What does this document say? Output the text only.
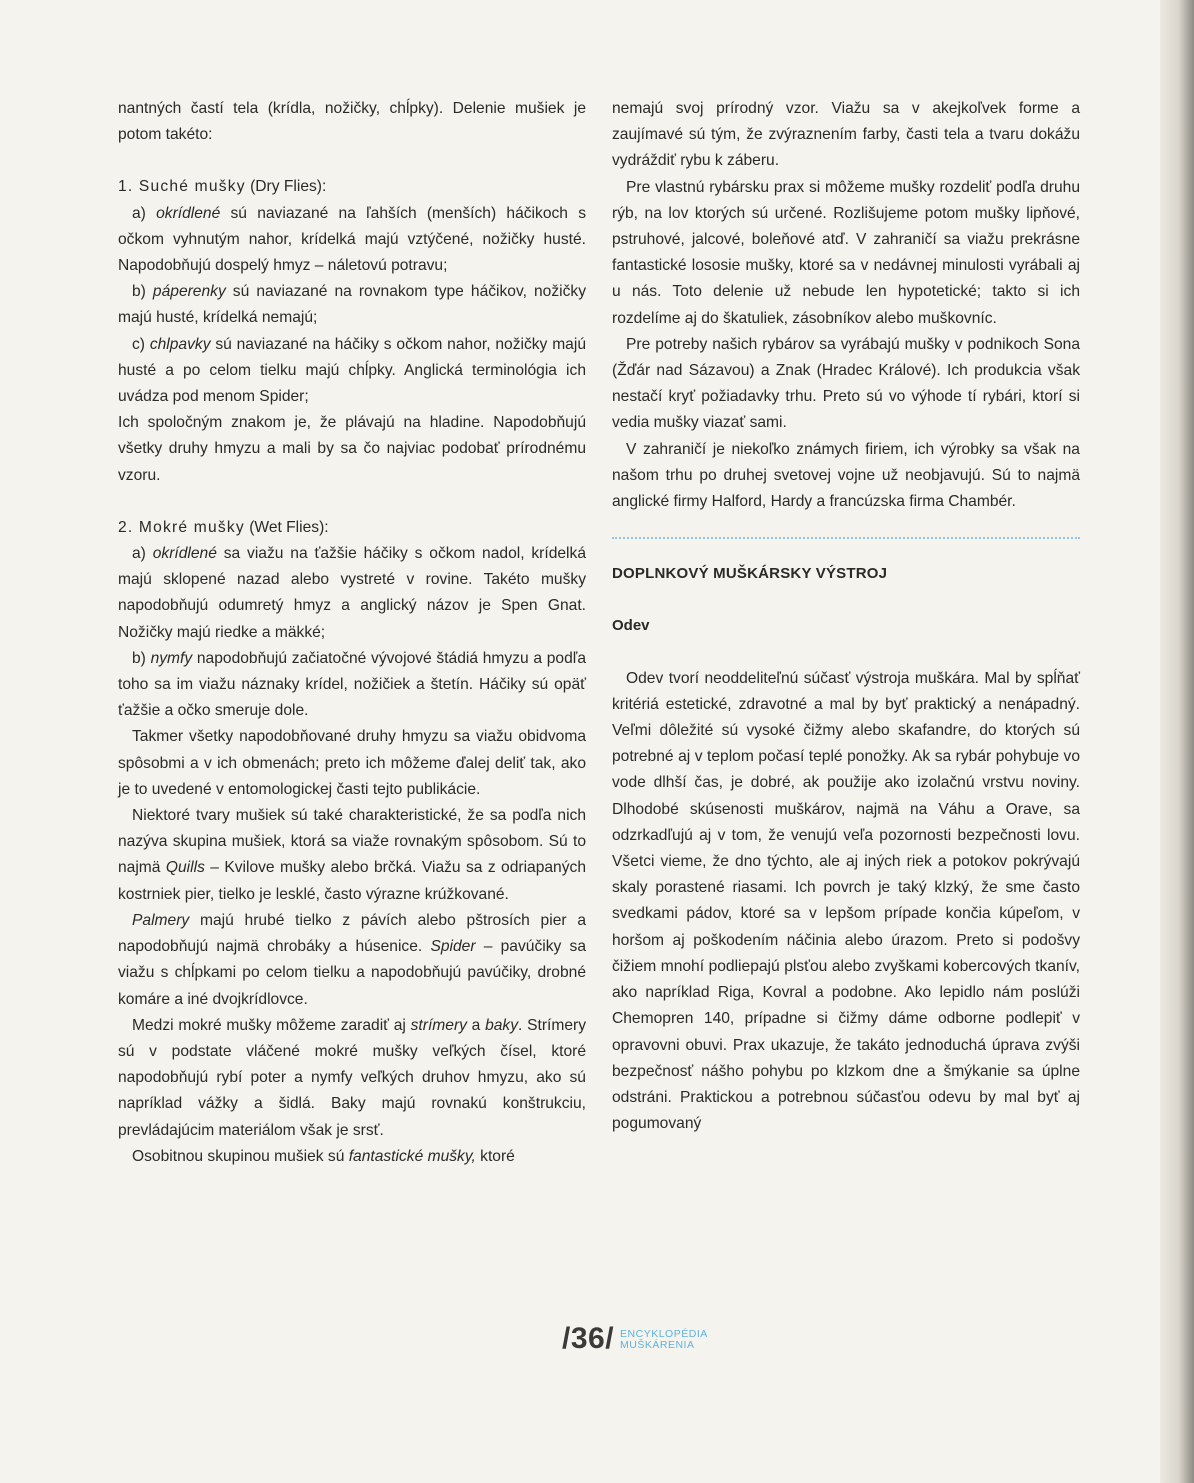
nantných častí tela (krídla, nožičky, chĺpky). Delenie mušiek je potom takéto:

1. Suché mušky (Dry Flies):

a) okrídlené sú naviazané na ľahších (menších) háčikoch s očkom vyhnutým nahor, krídelká majú vztýčené, nožičky husté. Napodobňujú dospelý hmyz – náletovú potravu;

b) páperenky sú naviazané na rovnakom type háčikov, nožičky majú husté, krídelká nemajú;

c) chlpavky sú naviazané na háčiky s očkom nahor, nožičky majú husté a po celom tielku majú chĺpky. Anglická terminológia ich uvádza pod menom Spider;

Ich spoločným znakom je, že plávajú na hladine. Napodobňujú všetky druhy hmyzu a mali by sa čo najviac podobať prírodnému vzoru.

2. Mokré mušky (Wet Flies):

a) okrídlené sa viažu na ťažšie háčiky s očkom nadol, krídelká majú sklopené nazad alebo vystreté v rovine. Takéto mušky napodobňujú odumretý hmyz a anglický názov je Spen Gnat. Nožičky majú riedke a mäkké;

b) nymfy napodobňujú začiatočné vývojové štádiá hmyzu a podľa toho sa im viažu náznaky krídel, nožičiek a štetín. Háčiky sú opäť ťažšie a očko smeruje dole.

Takmer všetky napodobňované druhy hmyzu sa viažu obidvoma spôsobmi a v ich obmenách; preto ich môžeme ďalej deliť tak, ako je to uvedené v entomologickej časti tejto publikácie.

Niektoré tvary mušiek sú také charakteristické, že sa podľa nich nazýva skupina mušiek, ktorá sa viaže rovnakým spôsobom. Sú to najmä Quills – Kvilove mušky alebo brčká. Viažu sa z odriapaných kostrniek pier, tielko je lesklé, často výrazne krúžkované.

Palmery majú hrubé tielko z pávích alebo pštrosích pier a napodobňujú najmä chrobáky a húsenice. Spider – pavúčiky sa viažu s chĺpkami po celom tielku a napodobňujú pavúčiky, drobné komáre a iné dvojkrídlovce.

Medzi mokré mušky môžeme zaradiť aj strímery a baky. Strímery sú v podstate vláčené mokré mušky veľkých čísel, ktoré napodobňujú rybí poter a nymfy veľkých druhov hmyzu, ako sú napríklad vážky a šidlá. Baky majú rovnakú konštrukciu, prevládajúcim materiálom však je srsť.

Osobitnou skupinou mušiek sú fantastické mušky, ktoré

nemajú svoj prírodný vzor. Viažu sa v akejkoľvek forme a zaujímavé sú tým, že zvýraznením farby, časti tela a tvaru dokážu vydráždiť rybu k záberu.

Pre vlastnú rybársku prax si môžeme mušky rozdeliť podľa druhu rýb, na lov ktorých sú určené. Rozlišujeme potom mušky lipňové, pstruhové, jalcové, boleňové atď. V zahraničí sa viažu prekrásne fantastické lososie mušky, ktoré sa v nedávnej minulosti vyrábali aj u nás. Toto delenie už nebude len hypotetické; takto si ich rozdelíme aj do škatuliek, zásobníkov alebo muškovníc.

Pre potreby našich rybárov sa vyrábajú mušky v podnikoch Sona (Žďár nad Sázavou) a Znak (Hradec Králové). Ich produkcia však nestačí kryť požiadavky trhu. Preto sú vo výhode tí rybári, ktorí si vedia mušky viazať sami.

V zahraničí je niekoľko známych firiem, ich výrobky sa však na našom trhu po druhej svetovej vojne už neobjavujú. Sú to najmä anglické firmy Halford, Hardy a francúzska firma Chambér.

DOPLNKOVÝ MUŠKÁRSKY VÝSTROJ

Odev

Odev tvorí neoddeliteľnú súčasť výstroja muškára. Mal by spĺňať kritériá estetické, zdravotné a mal by byť praktický a nenápadný. Veľmi dôležité sú vysoké čižmy alebo skafandre, do ktorých sú potrebné aj v teplom počasí teplé ponožky. Ak sa rybár pohybuje vo vode dlhší čas, je dobré, ak použije ako izolačnú vrstvu noviny. Dlhodobé skúsenosti muškárov, najmä na Váhu a Orave, sa odzrkadľujú aj v tom, že venujú veľa pozornosti bezpečnosti lovu. Všetci vieme, že dno týchto, ale aj iných riek a potokov pokrývajú skaly porastené riasami. Ich povrch je taký klzký, že sme často svedkami pádov, ktoré sa v lepšom prípade končia kúpeľom, v horšom aj poškodením náčinia alebo úrazom. Preto si podošvy čižiem mnohí podliepajú plsťou alebo zvyškami kobercových tkanív, ako napríklad Riga, Kovral a podobne. Ako lepidlo nám poslúži Chemopren 140, prípadne si čižmy dáme odborne podlepiť v opravovni obuvi. Prax ukazuje, že takáto jednoduchá úprava zvýši bezpečnosť nášho pohybu po klzkom dne a šmýkanie sa úplne odstráni. Praktickou a potrebnou súčasťou odevu by mal byť aj pogumovaný

/36/ ENCYKLOPÉDIA
MUŠKÁRENIA
